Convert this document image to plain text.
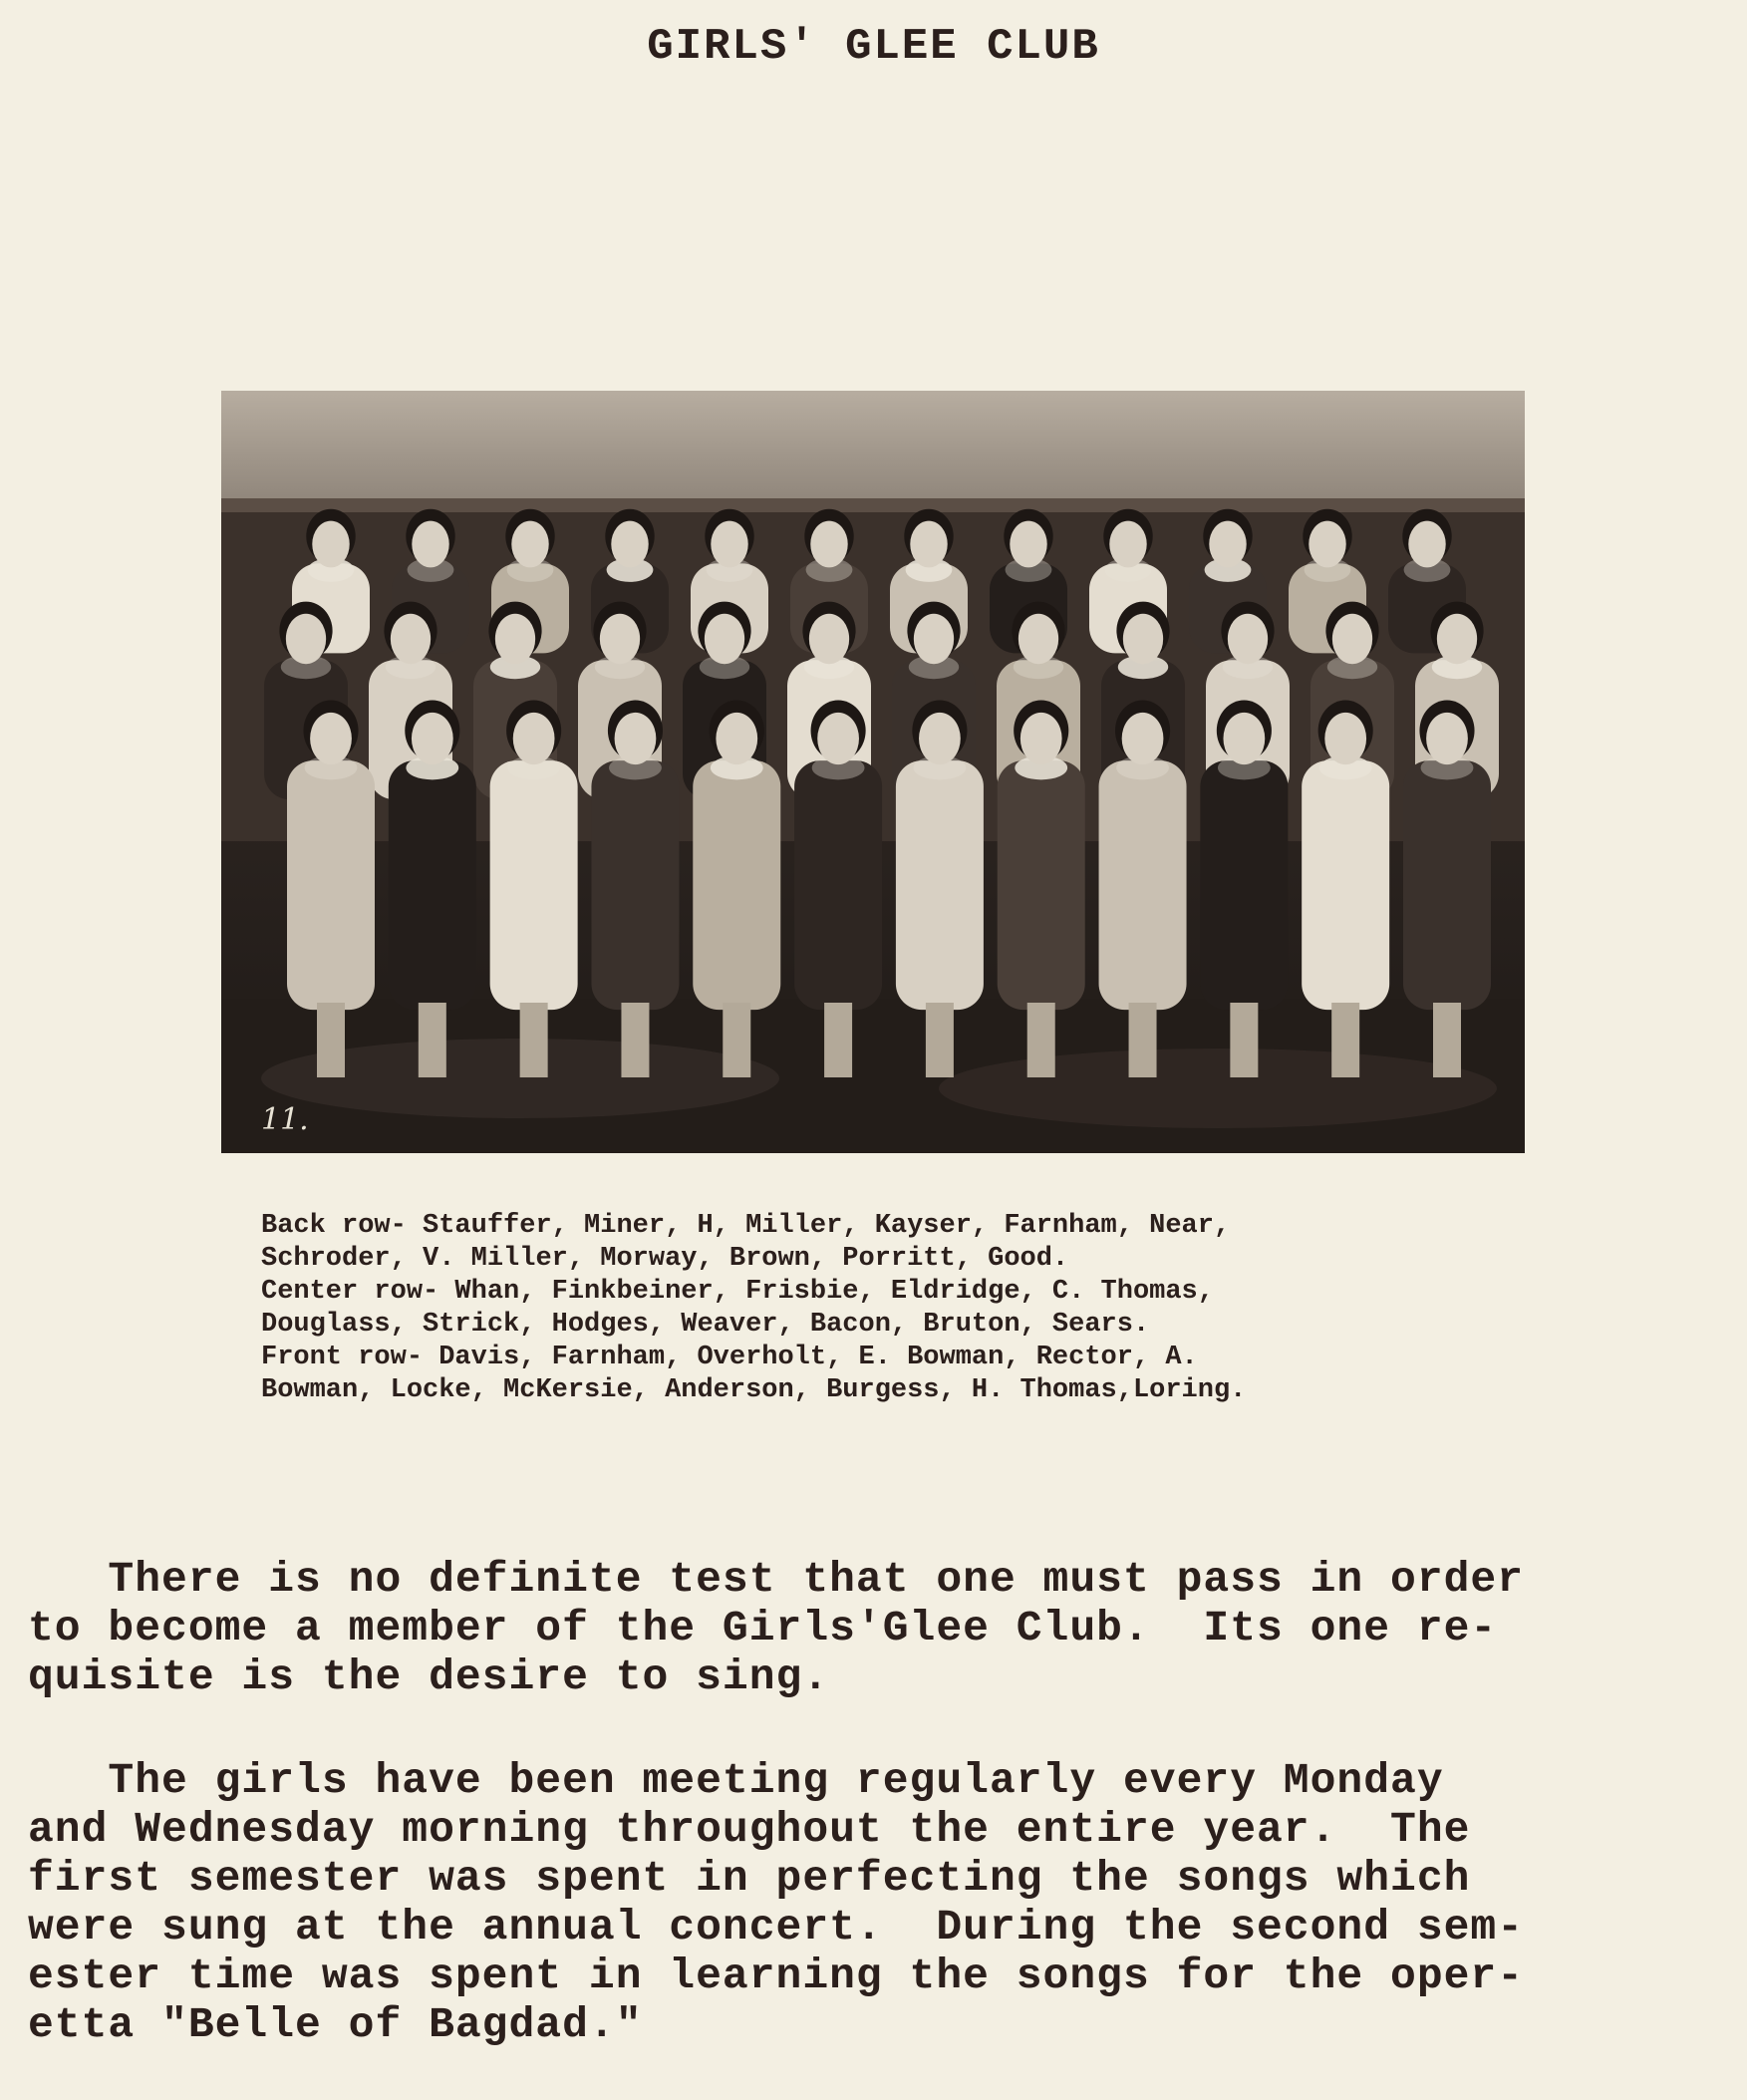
GIRLS' GLEE CLUB
11.
Back row- Stauffer, Miner, H, Miller, Kayser, Farnham, Near,
Schroder, V. Miller, Morway, Brown, Porritt, Good.
Center row- Whan, Finkbeiner, Frisbie, Eldridge, C. Thomas,
Douglass, Strick, Hodges, Weaver, Bacon, Bruton, Sears.
Front row- Davis, Farnham, Overholt, E. Bowman, Rector, A.
Bowman, Locke, McKersie, Anderson, Burgess, H. Thomas,Loring.
There is no definite test that one must pass in order
to become a member of the Girls'Glee Club.  Its one re-
quisite is the desire to sing.
The girls have been meeting regularly every Monday
and Wednesday morning throughout the entire year.  The
first semester was spent in perfecting the songs which
were sung at the annual concert.  During the second sem-
ester time was spent in learning the songs for the oper-
etta "Belle of Bagdad."
